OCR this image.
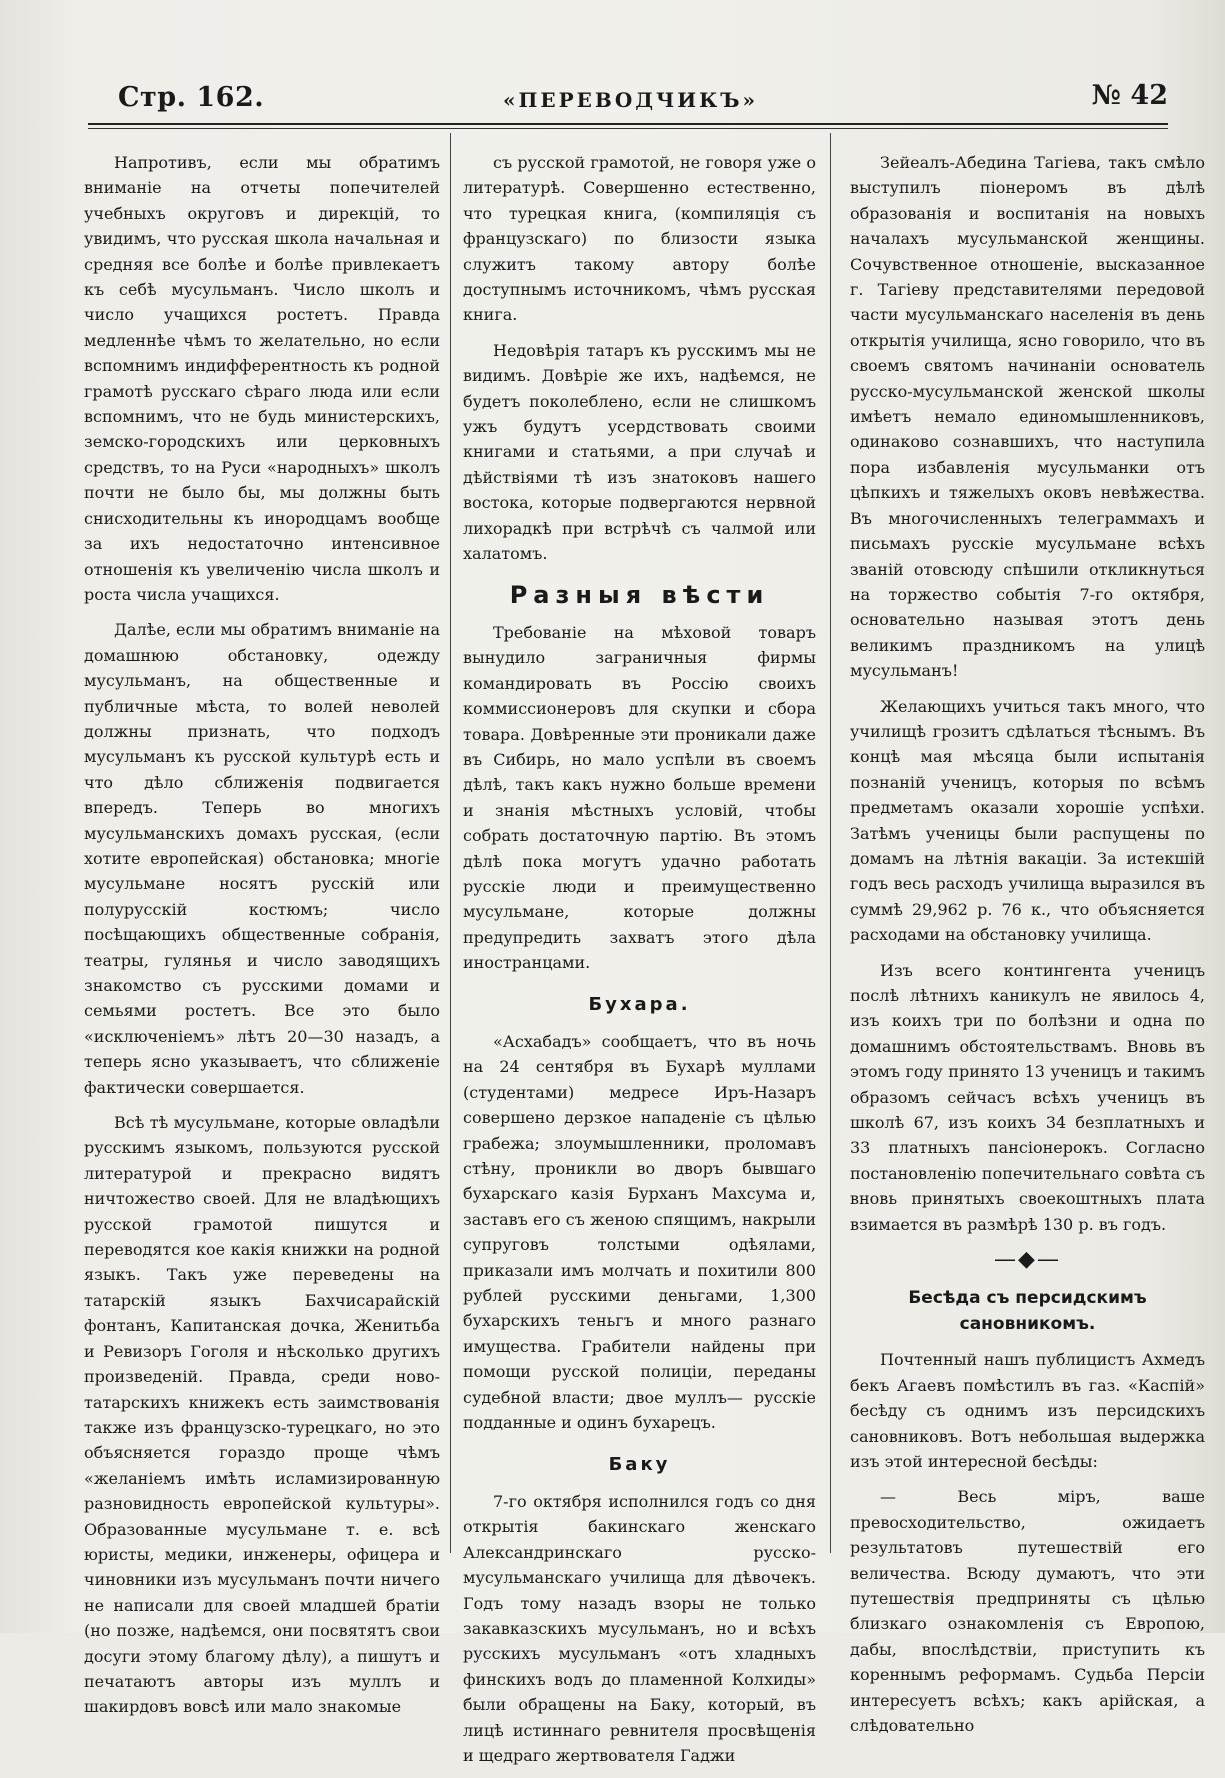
Стр. 162.	«ПЕРЕВОДЧИКЪ»	№ 42

Напротивъ, если мы обратимъ вниманіе на отчеты попечителей учебныхъ округовъ и дирекцій, то увидимъ, что русская школа начальная и средняя все болѣе и болѣе привлекаетъ къ себѣ мусульманъ. Число школъ и число учащихся ростетъ. Правда медленнѣе чѣмъ то желательно, но если вспомнимъ индифферентность къ родной грамотѣ русскаго сѣраго люда или если вспомнимъ, что не будь министерскихъ, земско-городскихъ или церковныхъ средствъ, то на Руси «народныхъ» школъ почти не было бы, мы должны быть снисходительны къ инородцамъ вообще за ихъ недостаточно интенсивное отношенія къ увеличенію числа школъ и роста числа учащихся.

Далѣе, если мы обратимъ вниманіе на домашнюю обстановку, одежду мусульманъ, на общественные и публичные мѣста, то волей неволей должны признать, что подходъ мусульманъ къ русской культурѣ есть и что дѣло сближенія подвигается впередъ. Теперь во многихъ мусульманскихъ домахъ русская, (если хотите европейская) обстановка; многіе мусульмане носятъ русскій или полурусскій костюмъ; число посѣщающихъ общественные собранія, театры, гулянья и число заводящихъ знакомство съ русскими домами и семьями ростетъ. Все это было «исключеніемъ» лѣтъ 20—30 назадъ, а теперь ясно указываетъ, что сближеніе фактически совершается.

Всѣ тѣ мусульмане, которые овладѣли русскимъ языкомъ, пользуются русской литературой и прекрасно видятъ ничтожество своей. Для не владѣющихъ русской грамотой пишутся и переводятся кое какія книжки на родной языкъ. Такъ уже переведены на татарскій языкъ Бахчисарайскій фонтанъ, Капитанская дочка, Женитьба и Ревизоръ Гоголя и нѣсколько другихъ произведеній. Правда, среди ново-татарскихъ книжекъ есть заимствованія также изъ французско-турецкаго, но это объясняется гораздо проще чѣмъ «желаніемъ имѣть исламизированную разновидность европейской культуры». Образованные мусульмане т. е. всѣ юристы, медики, инженеры, офицера и чиновники изъ мусульманъ почти ничего не написали для своей младшей братіи (но позже, надѣемся, они посвятятъ свои досуги этому благому дѣлу), а пишутъ и печатаютъ авторы изъ муллъ и шакирдовъ вовсѣ или мало знакомые

съ русской грамотой, не говоря уже о литературѣ. Совершенно естественно, что турецкая книга, (компиляція съ французскаго) по близости языка служитъ такому автору болѣе доступнымъ источникомъ, чѣмъ русская книга.

Недовѣрія татаръ къ русскимъ мы не видимъ. Довѣріе же ихъ, надѣемся, не будетъ поколеблено, если не слишкомъ ужъ будутъ усердствовать своими книгами и статьями, а при случаѣ и дѣйствіями тѣ изъ знатоковъ нашего востока, которые подвергаются нервной лихорадкѣ при встрѣчѣ съ чалмой или халатомъ.

Разныя вѣсти

Требованіе на мѣховой товаръ вынудило заграничныя фирмы командировать въ Россію своихъ коммиссионеровъ для скупки и сбора товара. Довѣренные эти проникали даже въ Сибирь, но мало успѣли въ своемъ дѣлѣ, такъ какъ нужно больше времени и знанія мѣстныхъ условій, чтобы собрать достаточную партію. Въ этомъ дѣлѣ пока могутъ удачно работать русскіе люди и преимущественно мусульмане, которые должны предупредить захватъ этого дѣла иностранцами.

Бухара.

«Асхабадъ» сообщаетъ, что въ ночь на 24 сентября въ Бухарѣ муллами (студентами) медресе Иръ-Назаръ совершено дерзкое нападеніе съ цѣлью грабежа; злоумышленники, проломавъ стѣну, проникли во дворъ бывшаго бухарскаго казія Бурханъ Махсума и, заставъ его съ женою спящимъ, накрыли супруговъ толстыми одѣялами, приказали имъ молчать и похитили 800 рублей русскими деньгами, 1,300 бухарскихъ теньгъ и много разнаго имущества. Грабители найдены при помощи русской полиціи, переданы судебной власти; двое муллъ— русскіе подданные и одинъ бухарецъ.

Баку

7-го октября исполнился годъ со дня открытія бакинскаго женскаго Александринскаго русско-мусульманскаго училища для дѣвочекъ. Годъ тому назадъ взоры не только закавказскихъ мусульманъ, но и всѣхъ русскихъ мусульманъ «отъ хладныхъ финскихъ водъ до пламенной Колхиды» были обращены на Баку, который, въ лицѣ истиннаго ревнителя просвѣщенія и щедраго жертвователя Гаджи

Зейеалъ-Абедина Тагіева, такъ смѣло выступилъ піонеромъ въ дѣлѣ образованія и воспитанія на новыхъ началахъ мусульманской женщины. Сочувственное отношеніе, высказанное г. Тагіеву представителями передовой части мусульманскаго населенія въ день открытія училища, ясно говорило, что въ своемъ святомъ начинаніи основатель русско-мусульманской женской школы имѣетъ немало единомышленниковъ, одинаково сознавшихъ, что наступила пора избавленія мусульманки отъ цѣпкихъ и тяжелыхъ оковъ невѣжества. Въ многочисленныхъ телеграммахъ и письмахъ русскіе мусульмане всѣхъ званій отовсюду спѣшили откликнуться на торжество событія 7-го октября, основательно называя этотъ день великимъ праздникомъ на улицѣ мусульманъ!

Желающихъ учиться такъ много, что училищѣ грозитъ сдѣлаться тѣснымъ. Въ концѣ мая мѣсяца были испытанія познаній ученицъ, которыя по всѣмъ предметамъ оказали хорошіе успѣхи. Затѣмъ ученицы были распущены по домамъ на лѣтнія вакаціи. За истекшій годъ весь расходъ училища выразился въ суммѣ 29,962 р. 76 к., что объясняется расходами на обстановку училища.

Изъ всего контингента ученицъ послѣ лѣтнихъ каникулъ не явилось 4, изъ коихъ три по болѣзни и одна по домашнимъ обстоятельствамъ. Вновь въ этомъ году принято 13 ученицъ и такимъ образомъ сейчасъ всѣхъ ученицъ въ школѣ 67, изъ коихъ 34 безплатныхъ и 33 платныхъ пансіонерокъ. Согласно постановленію попечительнаго совѣта съ вновь принятыхъ своекоштныхъ плата взимается въ размѣрѣ 130 р. въ годъ.

—◆—
Бесѣда съ персидскимъ сановникомъ.

Почтенный нашъ публицистъ Ахмедъ бекъ Агаевъ помѣстилъ въ газ. «Каспій» бесѣду съ однимъ изъ персидскихъ сановниковъ. Вотъ небольшая выдержка изъ этой интересной бесѣды:

— Весь міръ, ваше превосходительство, ожидаетъ результатовъ путешествій его величества. Всюду думаютъ, что эти путешествія предприняты съ цѣлью близкаго ознакомленія съ Европою, дабы, впослѣдствіи, приступить къ кореннымъ реформамъ. Судьба Персіи интересуетъ всѣхъ; какъ арійская, а слѣдовательно
